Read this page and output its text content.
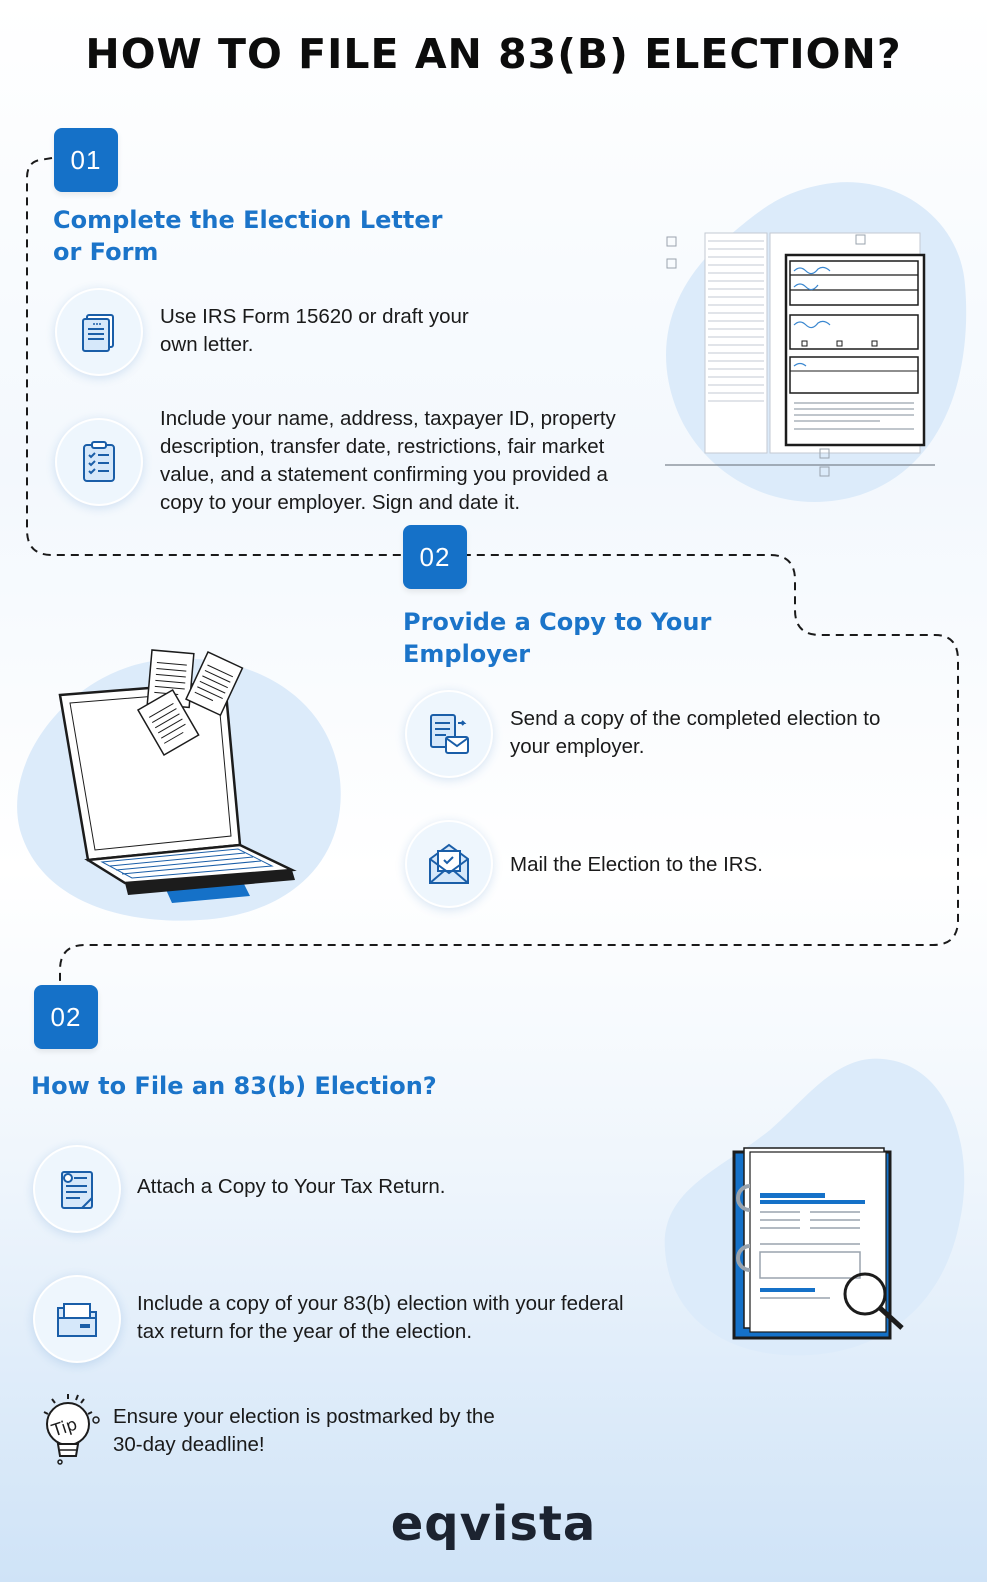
HOW TO FILE AN 83(B) ELECTION?
01
Complete the Election Letter
or Form
Use IRS Form 15620 or draft your
own letter.
Include your name, address, taxpayer ID, property
description, transfer date, restrictions, fair market
value, and a statement confirming you provided a
copy to your employer. Sign and date it.
02
Provide a Copy to Your
Employer
Send a copy of the completed election to
your employer.
Mail the Election to the IRS.
02
How to File an 83(b) Election?
Attach a Copy to Your Tax Return.
Include a copy of your 83(b) election with your federal
tax return for the year of the election.
Tip Ensure your election is postmarked by the
30-day deadline!
eqvista
